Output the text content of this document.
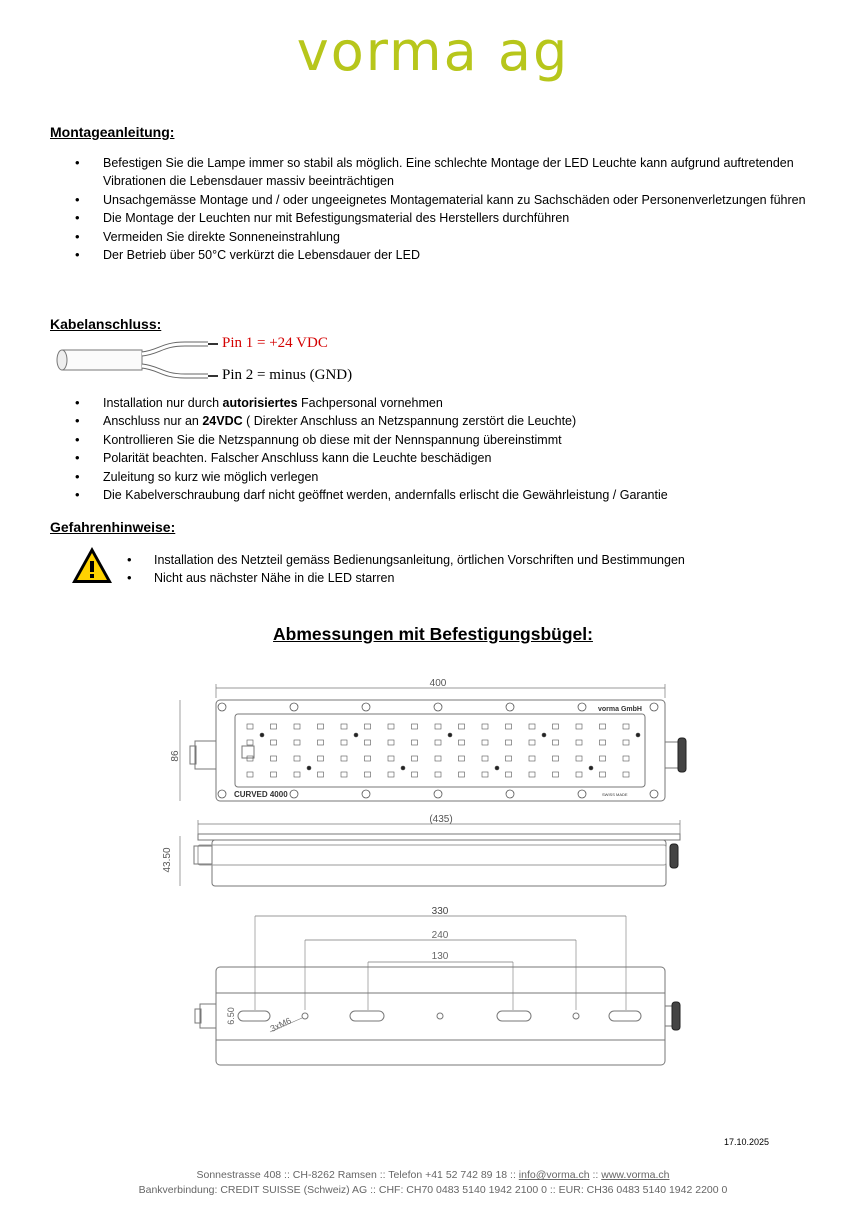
vorma ag
Montageanleitung:
• Befestigen Sie die Lampe immer so stabil als möglich. Eine schlechte Montage der LED Leuchte kann aufgrund auftretenden Vibrationen die Lebensdauer massiv beeinträchtigen
• Unsachgemässe Montage und / oder ungeeignetes Montagematerial kann zu Sachschäden oder Personenverletzungen führen
• Die Montage der Leuchten nur mit Befestigungsmaterial des Herstellers durchführen
• Vermeiden Sie direkte Sonneneinstrahlung
• Der Betrieb über 50°C verkürzt die Lebensdauer der LED
Kabelanschluss:
Pin 1 = +24 VDC
Pin 2 = minus (GND)
• Installation nur durch autorisiertes Fachpersonal vornehmen
• Anschluss nur an 24VDC ( Direkter Anschluss an Netzspannung zerstört die Leuchte)
• Kontrollieren Sie die Netzspannung ob diese mit der Nennspannung übereinstimmt
• Polarität beachten. Falscher Anschluss kann die Leuchte beschädigen
• Zuleitung so kurz wie möglich verlegen
• Die Kabelverschraubung darf nicht geöffnet werden, andernfalls erlischt die Gewährleistung / Garantie
Gefahrenhinweise:
• Installation des Netzteil gemäss Bedienungsanleitung, örtlichen Vorschriften und Bestimmungen
• Nicht aus nächster Nähe in die LED starren
Abmessungen mit Befestigungsbügel:
400
86
CURVED 4000
vorma GmbH
SWISS MADE
(435)
43.50
330
240
130
6.50	3xM6
17.10.2025
Sonnestrasse 408 :: CH-8262 Ramsen :: Telefon +41 52 742 89 18 :: info@vorma.ch :: www.vorma.ch
Bankverbindung: CREDIT SUISSE (Schweiz) AG :: CHF: CH70 0483 5140 1942 2100 0 :: EUR: CH36 0483 5140 1942 2200 0
